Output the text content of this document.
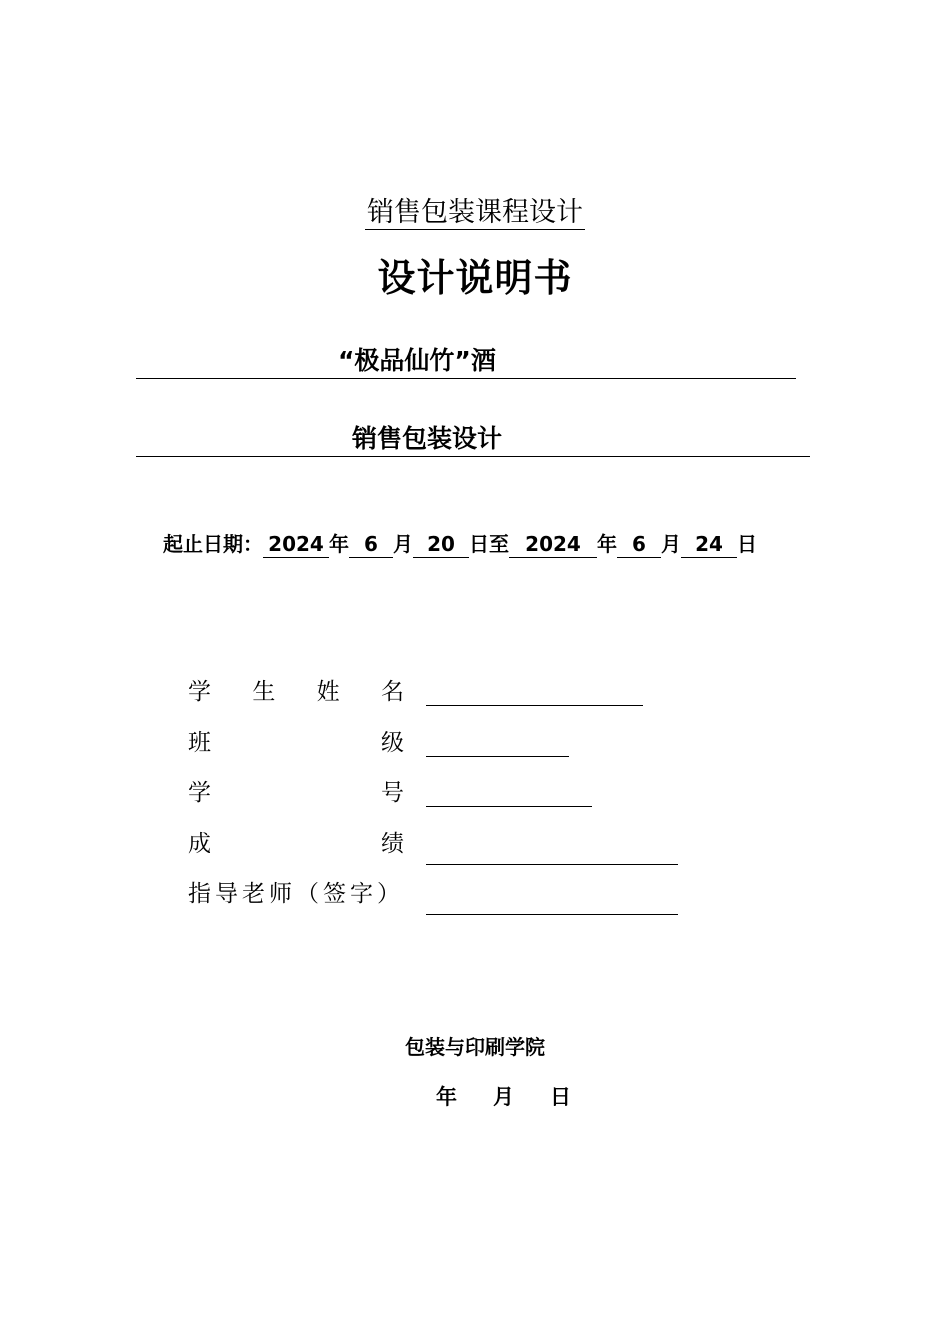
销售包装课程设计
设计说明书
“极品仙竹”酒
销售包装设计
起止日期： 2024 年 6 月 20 日至 2024 年 6 月 24 日
学 生 姓 名
班	级
学	号
成	绩
指导老师（签字）
包装与印刷学院
年 月 日
